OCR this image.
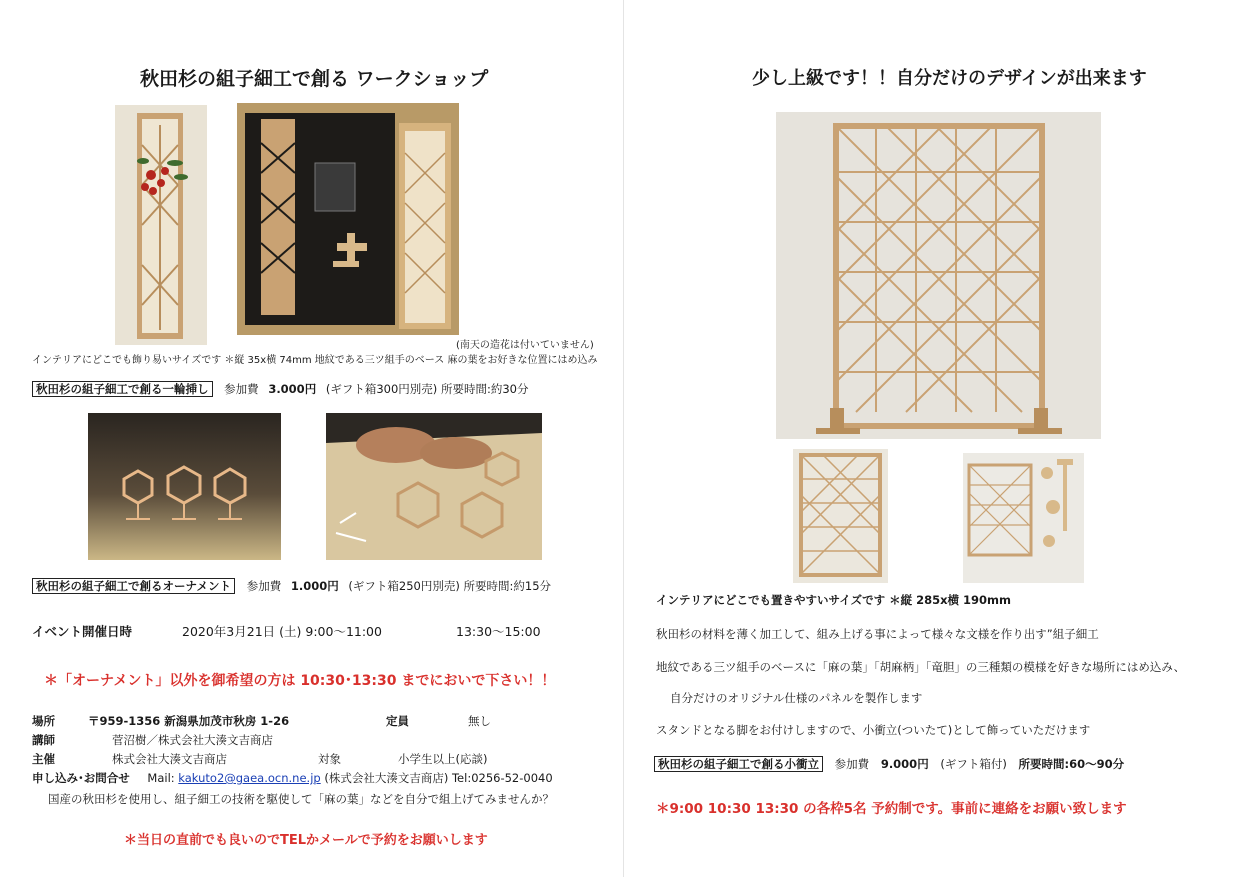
秋田杉の組子細工で創る ワークショップ
(南天の造花は付いていません)
インテリアにどこでも飾り易いサイズです ＊縦 35x横 74mm 地紋である三ツ組手のベース 麻の葉をお好きな位置にはめ込み
秋田杉の組子細工で創る一輪挿し 参加費 3.000円 (ギフト箱300円別売) 所要時間:約30分
秋田杉の組子細工で創るオーナメント 参加費 1.000円 (ギフト箱250円別売) 所要時間:約15分
イベント開催日時	2020年3月21日 (土) 9:00～11:00	13:30～15:00
＊「オーナメント」以外を御希望の方は 10:30･13:30 までにおいで下さい！！
場所	〒959-1356 新潟県加茂市秋房 1-26	定員	無し
講師	菅沼樹／株式会社大湊文吉商店
主催	株式会社大湊文吉商店	対象	小学生以上(応談)
申し込み･お問合せ Mail: kakuto2@gaea.ocn.ne.jp (株式会社大湊文吉商店) Tel:0256-52-0040
国産の秋田杉を使用し、組子細工の技術を駆使して「麻の葉」などを自分で組上げてみませんか？
＊当日の直前でも良いのでTELかメールで予約をお願いします
少し上級です！！自分だけのデザインが出来ます
インテリアにどこでも置きやすいサイズです ＊縦 285x横 190mm
秋田杉の材料を薄く加工して、組み上げる事によって様々な文様を作り出す”組子細工
地紋である三ツ組手のベースに「麻の葉」「胡麻柄」「竜胆」の三種類の模様を好きな場所にはめ込み、
自分だけのオリジナル仕様のパネルを製作します
スタンドとなる脚をお付けしますので、小衝立(ついたて)として飾っていただけます
秋田杉の組子細工で創る小衝立 参加費 9.000円 (ギフト箱付) 所要時間:60～90分
＊9:00 10:30 13:30 の各枠5名 予約制です。事前に連絡をお願い致します
